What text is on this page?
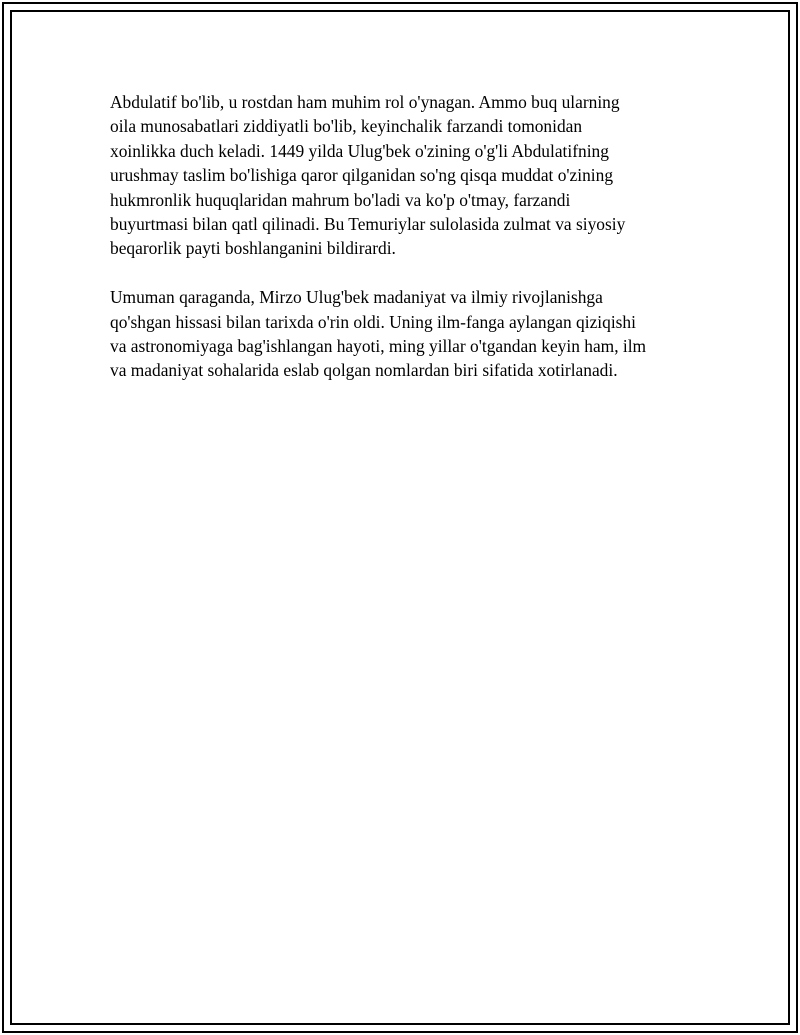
Abdulatif bo'lib, u rostdan ham muhim rol o'ynagan. Ammo buq ularning
oila munosabatlari ziddiyatli bo'lib, keyinchalik farzandi tomonidan
xoinlikka duch keladi. 1449 yilda Ulug'bek o'zining o'g'li Abdulatifning
urushmay taslim bo'lishiga qaror qilganidan so'ng qisqa muddat o'zining
hukmronlik huquqlaridan mahrum bo'ladi va ko'p o'tmay, farzandi
buyurtmasi bilan qatl qilinadi. Bu Temuriylar sulolasida zulmat va siyosiy
beqarorlik payti boshlanganini bildirardi.

Umuman qaraganda, Mirzo Ulug'bek madaniyat va ilmiy rivojlanishga
qo'shgan hissasi bilan tarixda o'rin oldi. Uning ilm-fanga aylangan qiziqishi
va astronomiyaga bag'ishlangan hayoti, ming yillar o'tgandan keyin ham, ilm
va madaniyat sohalarida eslab qolgan nomlardan biri sifatida xotirlanadi.
